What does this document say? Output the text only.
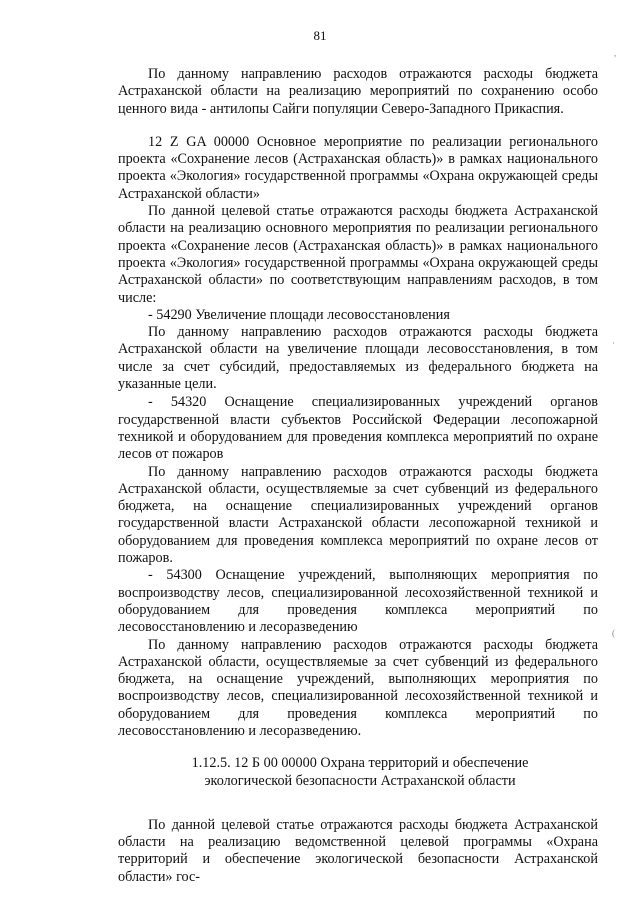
81

По данному направлению расходов отражаются расходы бюджета Астраханской области на реализацию мероприятий по сохранению особо ценного вида - антилопы Сайги популяции Северо-Западного Прикаспия.

12 Z GA 00000 Основное мероприятие по реализации регионального проекта «Сохранение лесов (Астраханская область)» в рамках национального проекта «Экология» государственной программы «Охрана окружающей среды Астраханской области»

По данной целевой статье отражаются расходы бюджета Астраханской области на реализацию основного мероприятия по реализации регионального проекта «Сохранение лесов (Астраханская область)» в рамках национального проекта «Экология» государственной программы «Охрана окружающей среды Астраханской области» по соответствующим направлениям расходов, в том числе:

- 54290 Увеличение площади лесовосстановления

По данному направлению расходов отражаются расходы бюджета Астраханской области на увеличение площади лесовосстановления, в том числе за счет субсидий, предоставляемых из федерального бюджета на указанные цели.

- 54320 Оснащение специализированных учреждений органов государственной власти субъектов Российской Федерации лесопожарной техникой и оборудованием для проведения комплекса мероприятий по охране лесов от пожаров

По данному направлению расходов отражаются расходы бюджета Астраханской области, осуществляемые за счет субвенций из федерального бюджета, на оснащение специализированных учреждений органов государственной власти Астраханской области лесопожарной техникой и оборудованием для проведения комплекса мероприятий по охране лесов от пожаров.

- 54300 Оснащение учреждений, выполняющих мероприятия по воспроизводству лесов, специализированной лесохозяйственной техникой и оборудованием для проведения комплекса мероприятий по лесовосстановлению и лесоразведению

По данному направлению расходов отражаются расходы бюджета Астраханской области, осуществляемые за счет субвенций из федерального бюджета, на оснащение учреждений, выполняющих мероприятия по воспроизводству лесов, специализированной лесохозяйственной техникой и оборудованием для проведения комплекса мероприятий по лесовосстановлению и лесоразведению.

1.12.5. 12 Б 00 00000 Охрана территорий и обеспечение экологической безопасности Астраханской области

По данной целевой статье отражаются расходы бюджета Астраханской области на реализацию ведомственной целевой программы «Охрана территорий и обеспечение экологической безопасности Астраханской области» гос-

,
·
(
